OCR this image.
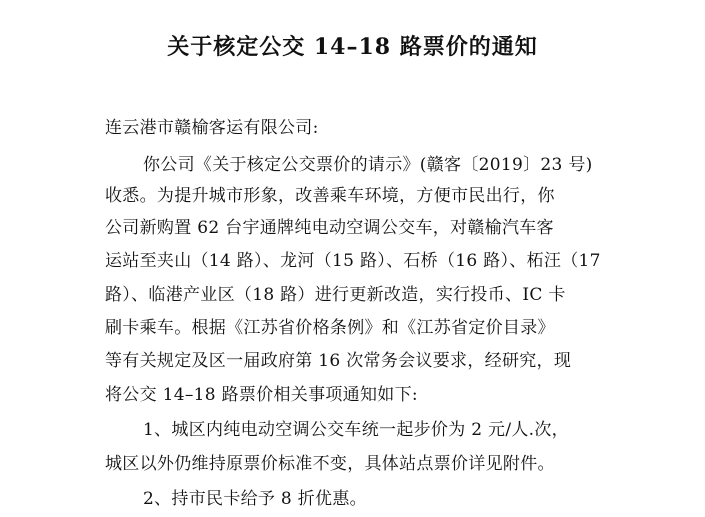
关于核定公交 14–18 路票价的通知
连云港市赣榆客运有限公司:
你公司《关于核定公交票价的请示》(赣客〔2019〕23 号)
收悉。为提升城市形象，改善乘车环境，方便市民出行，你
公司新购置 62 台宇通牌纯电动空调公交车，对赣榆汽车客
运站至夹山（14 路）、龙河（15 路）、石桥（16 路）、柘汪（17
路）、临港产业区（18 路）进行更新改造，实行投币、IC 卡
刷卡乘车。根据《江苏省价格条例》和《江苏省定价目录》
等有关规定及区一届政府第 16 次常务会议要求，经研究，现
将公交 14–18 路票价相关事项通知如下:
1、城区内纯电动空调公交车统一起步价为 2 元/人.次，
城区以外仍维持原票价标准不变，具体站点票价详见附件。
2、持市民卡给予 8 折优惠。
